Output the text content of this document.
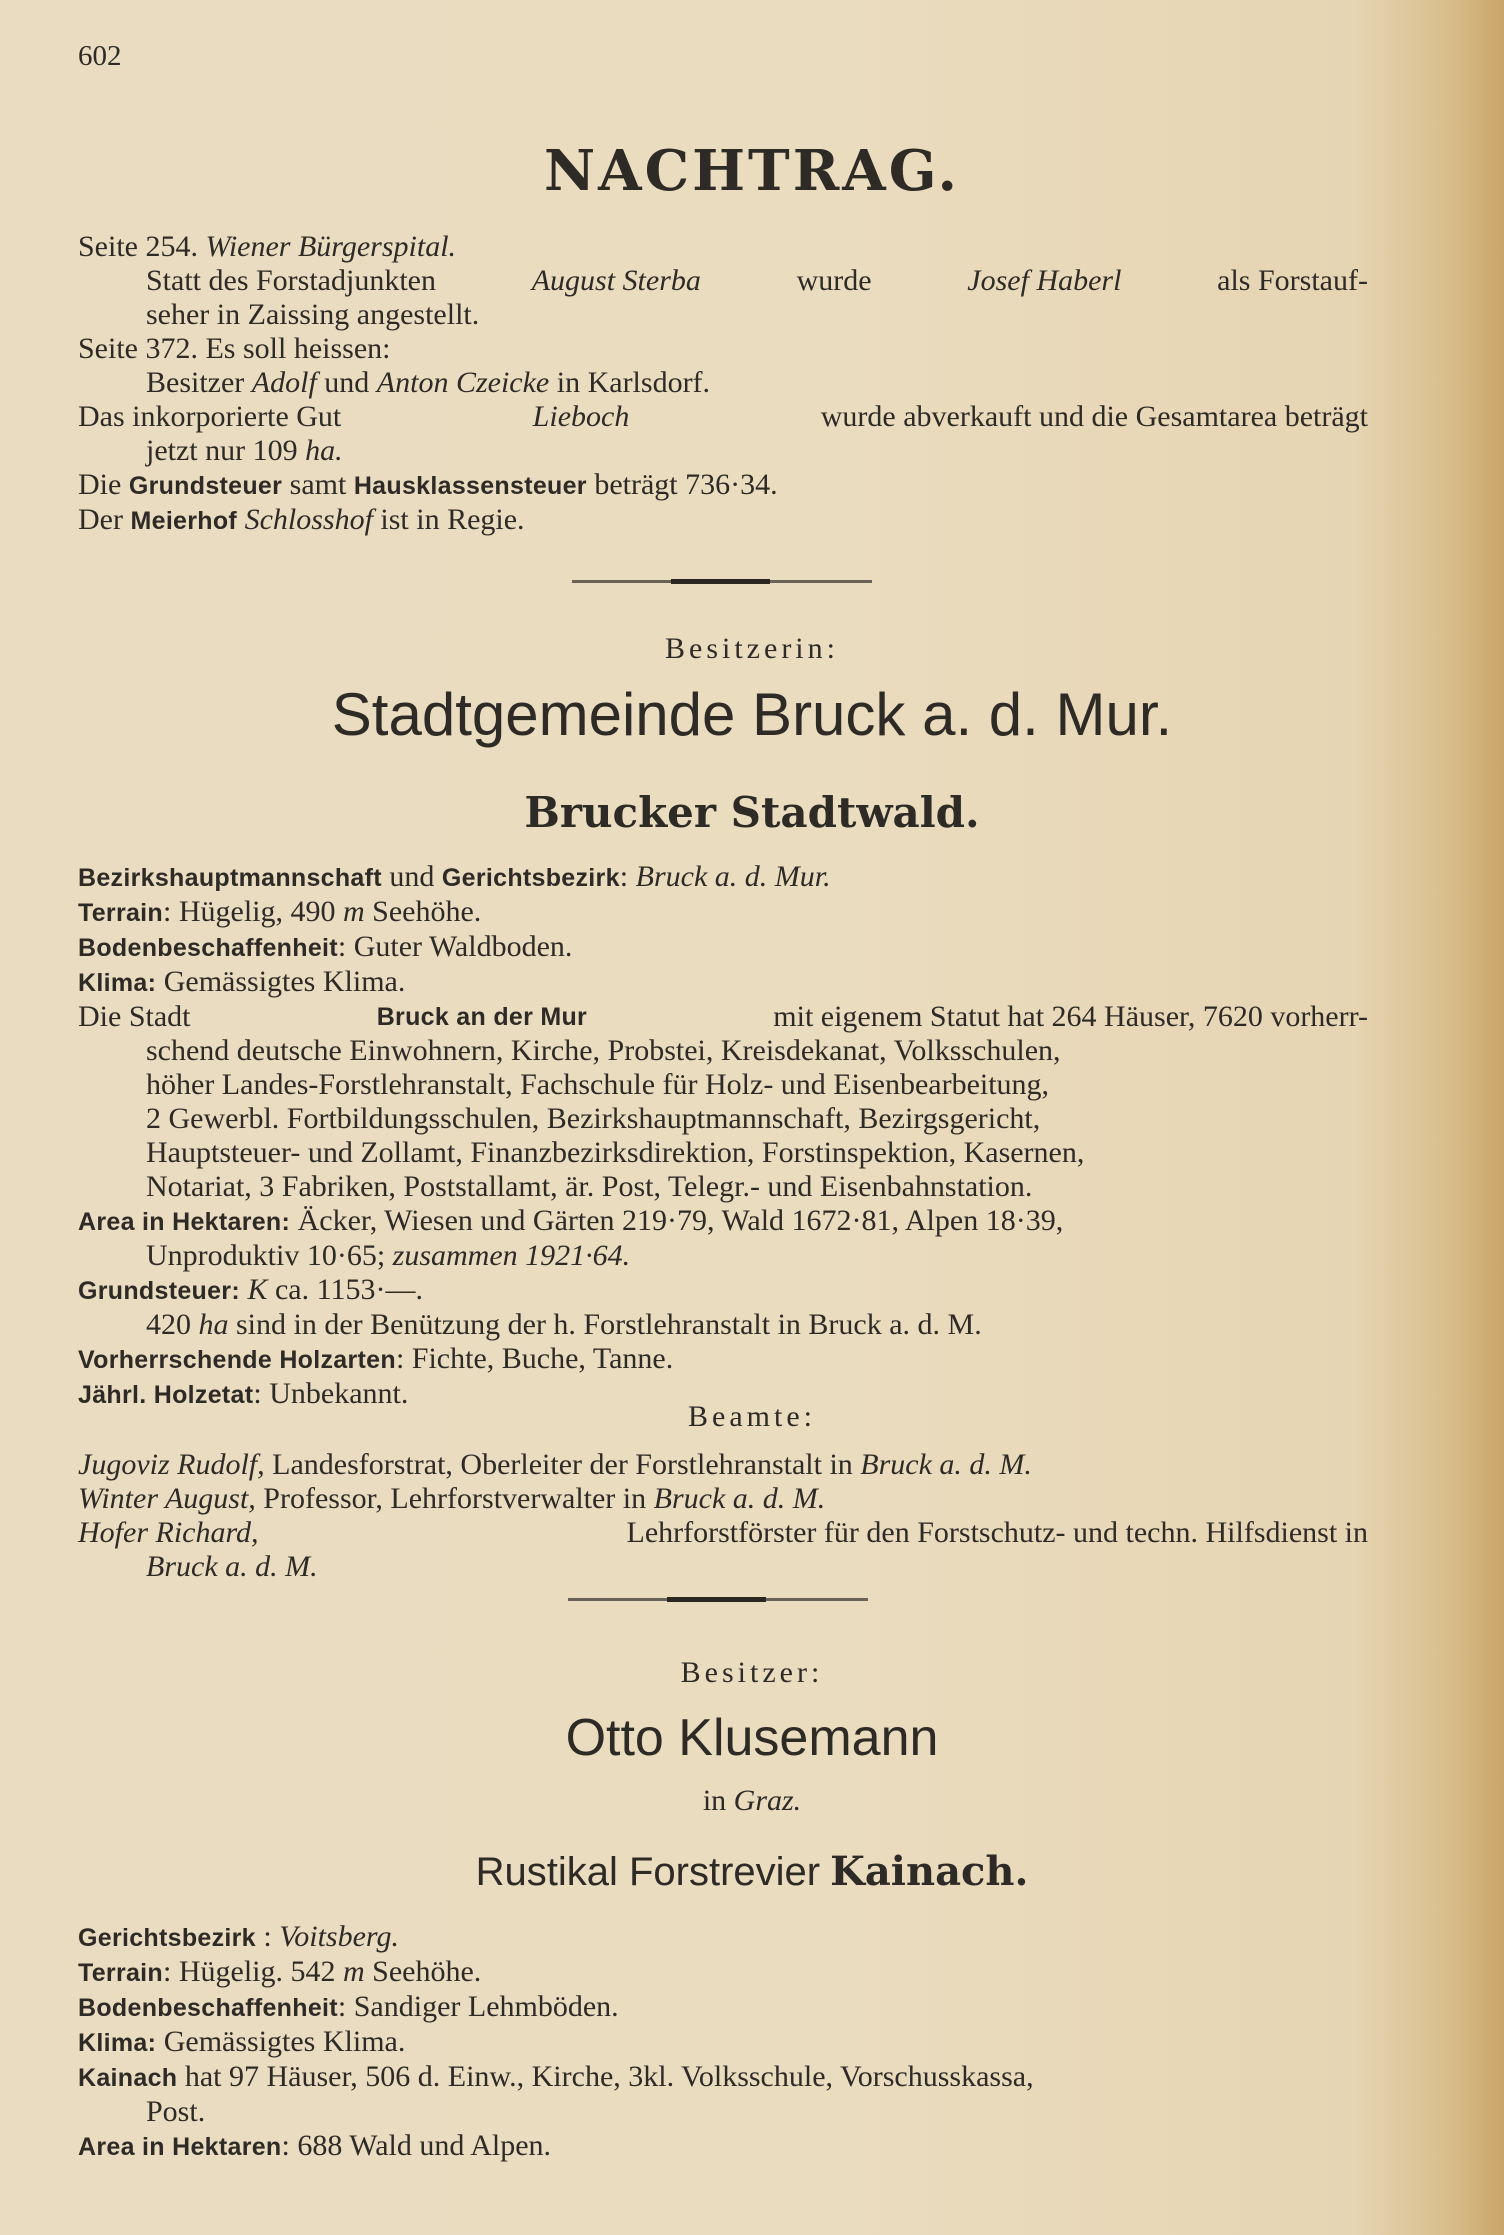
602
NACHTRAG.
Seite 254. Wiener Bürgerspital.
Statt des Forstadjunkten	August Sterba	wurde	Josef Haberl	als Forstauf-
seher in Zaissing angestellt.
Seite 372. Es soll heissen:
Besitzer Adolf und Anton Czeicke in Karlsdorf.
Das inkorporierte Gut	Lieboch	wurde abverkauft und die Gesamtarea beträgt
jetzt nur 109 ha.
Die Grundsteuer samt Hausklassensteuer beträgt 736·34.
Der Meierhof Schlosshof ist in Regie.
Besitzerin:
Stadtgemeinde Bruck a. d. Mur.
Brucker Stadtwald.
Bezirkshauptmannschaft und Gerichtsbezirk: Bruck a. d. Mur.
Terrain: Hügelig, 490 m Seehöhe.
Bodenbeschaffenheit: Guter Waldboden.
Klima: Gemässigtes Klima.
Die Stadt	Bruck an der Mur	mit eigenem Statut hat 264 Häuser, 7620 vorherr-
schend deutsche Einwohnern, Kirche, Probstei, Kreisdekanat, Volksschulen,
höher Landes-Forstlehranstalt, Fachschule für Holz- und Eisenbearbeitung,
2 Gewerbl. Fortbildungsschulen, Bezirkshauptmannschaft, Bezirgsgericht,
Hauptsteuer- und Zollamt, Finanzbezirksdirektion, Forstinspektion, Kasernen,
Notariat, 3 Fabriken, Poststallamt, är. Post, Telegr.- und Eisenbahnstation.
Area in Hektaren: Äcker, Wiesen und Gärten 219·79, Wald 1672·81, Alpen 18·39,
Unproduktiv 10·65; zusammen 1921·64.
Grundsteuer: K ca. 1153·—.
420 ha sind in der Benützung der h. Forstlehranstalt in Bruck a. d. M.
Vorherrschende Holzarten: Fichte, Buche, Tanne.
Jährl. Holzetat: Unbekannt.
Beamte:
Jugoviz Rudolf, Landesforstrat, Oberleiter der Forstlehranstalt in Bruck a. d. M.
Winter August, Professor, Lehrforstverwalter in Bruck a. d. M.
Hofer Richard,	Lehrforstförster für den Forstschutz- und techn. Hilfsdienst in
Bruck a. d. M.
Besitzer:
Otto Klusemann
in Graz.
Rustikal Forstrevier Kainach.
Gerichtsbezirk : Voitsberg.
Terrain: Hügelig. 542 m Seehöhe.
Bodenbeschaffenheit: Sandiger Lehmböden.
Klima: Gemässigtes Klima.
Kainach hat 97 Häuser, 506 d. Einw., Kirche, 3kl. Volksschule, Vorschusskassa,
Post.
Area in Hektaren: 688 Wald und Alpen.
